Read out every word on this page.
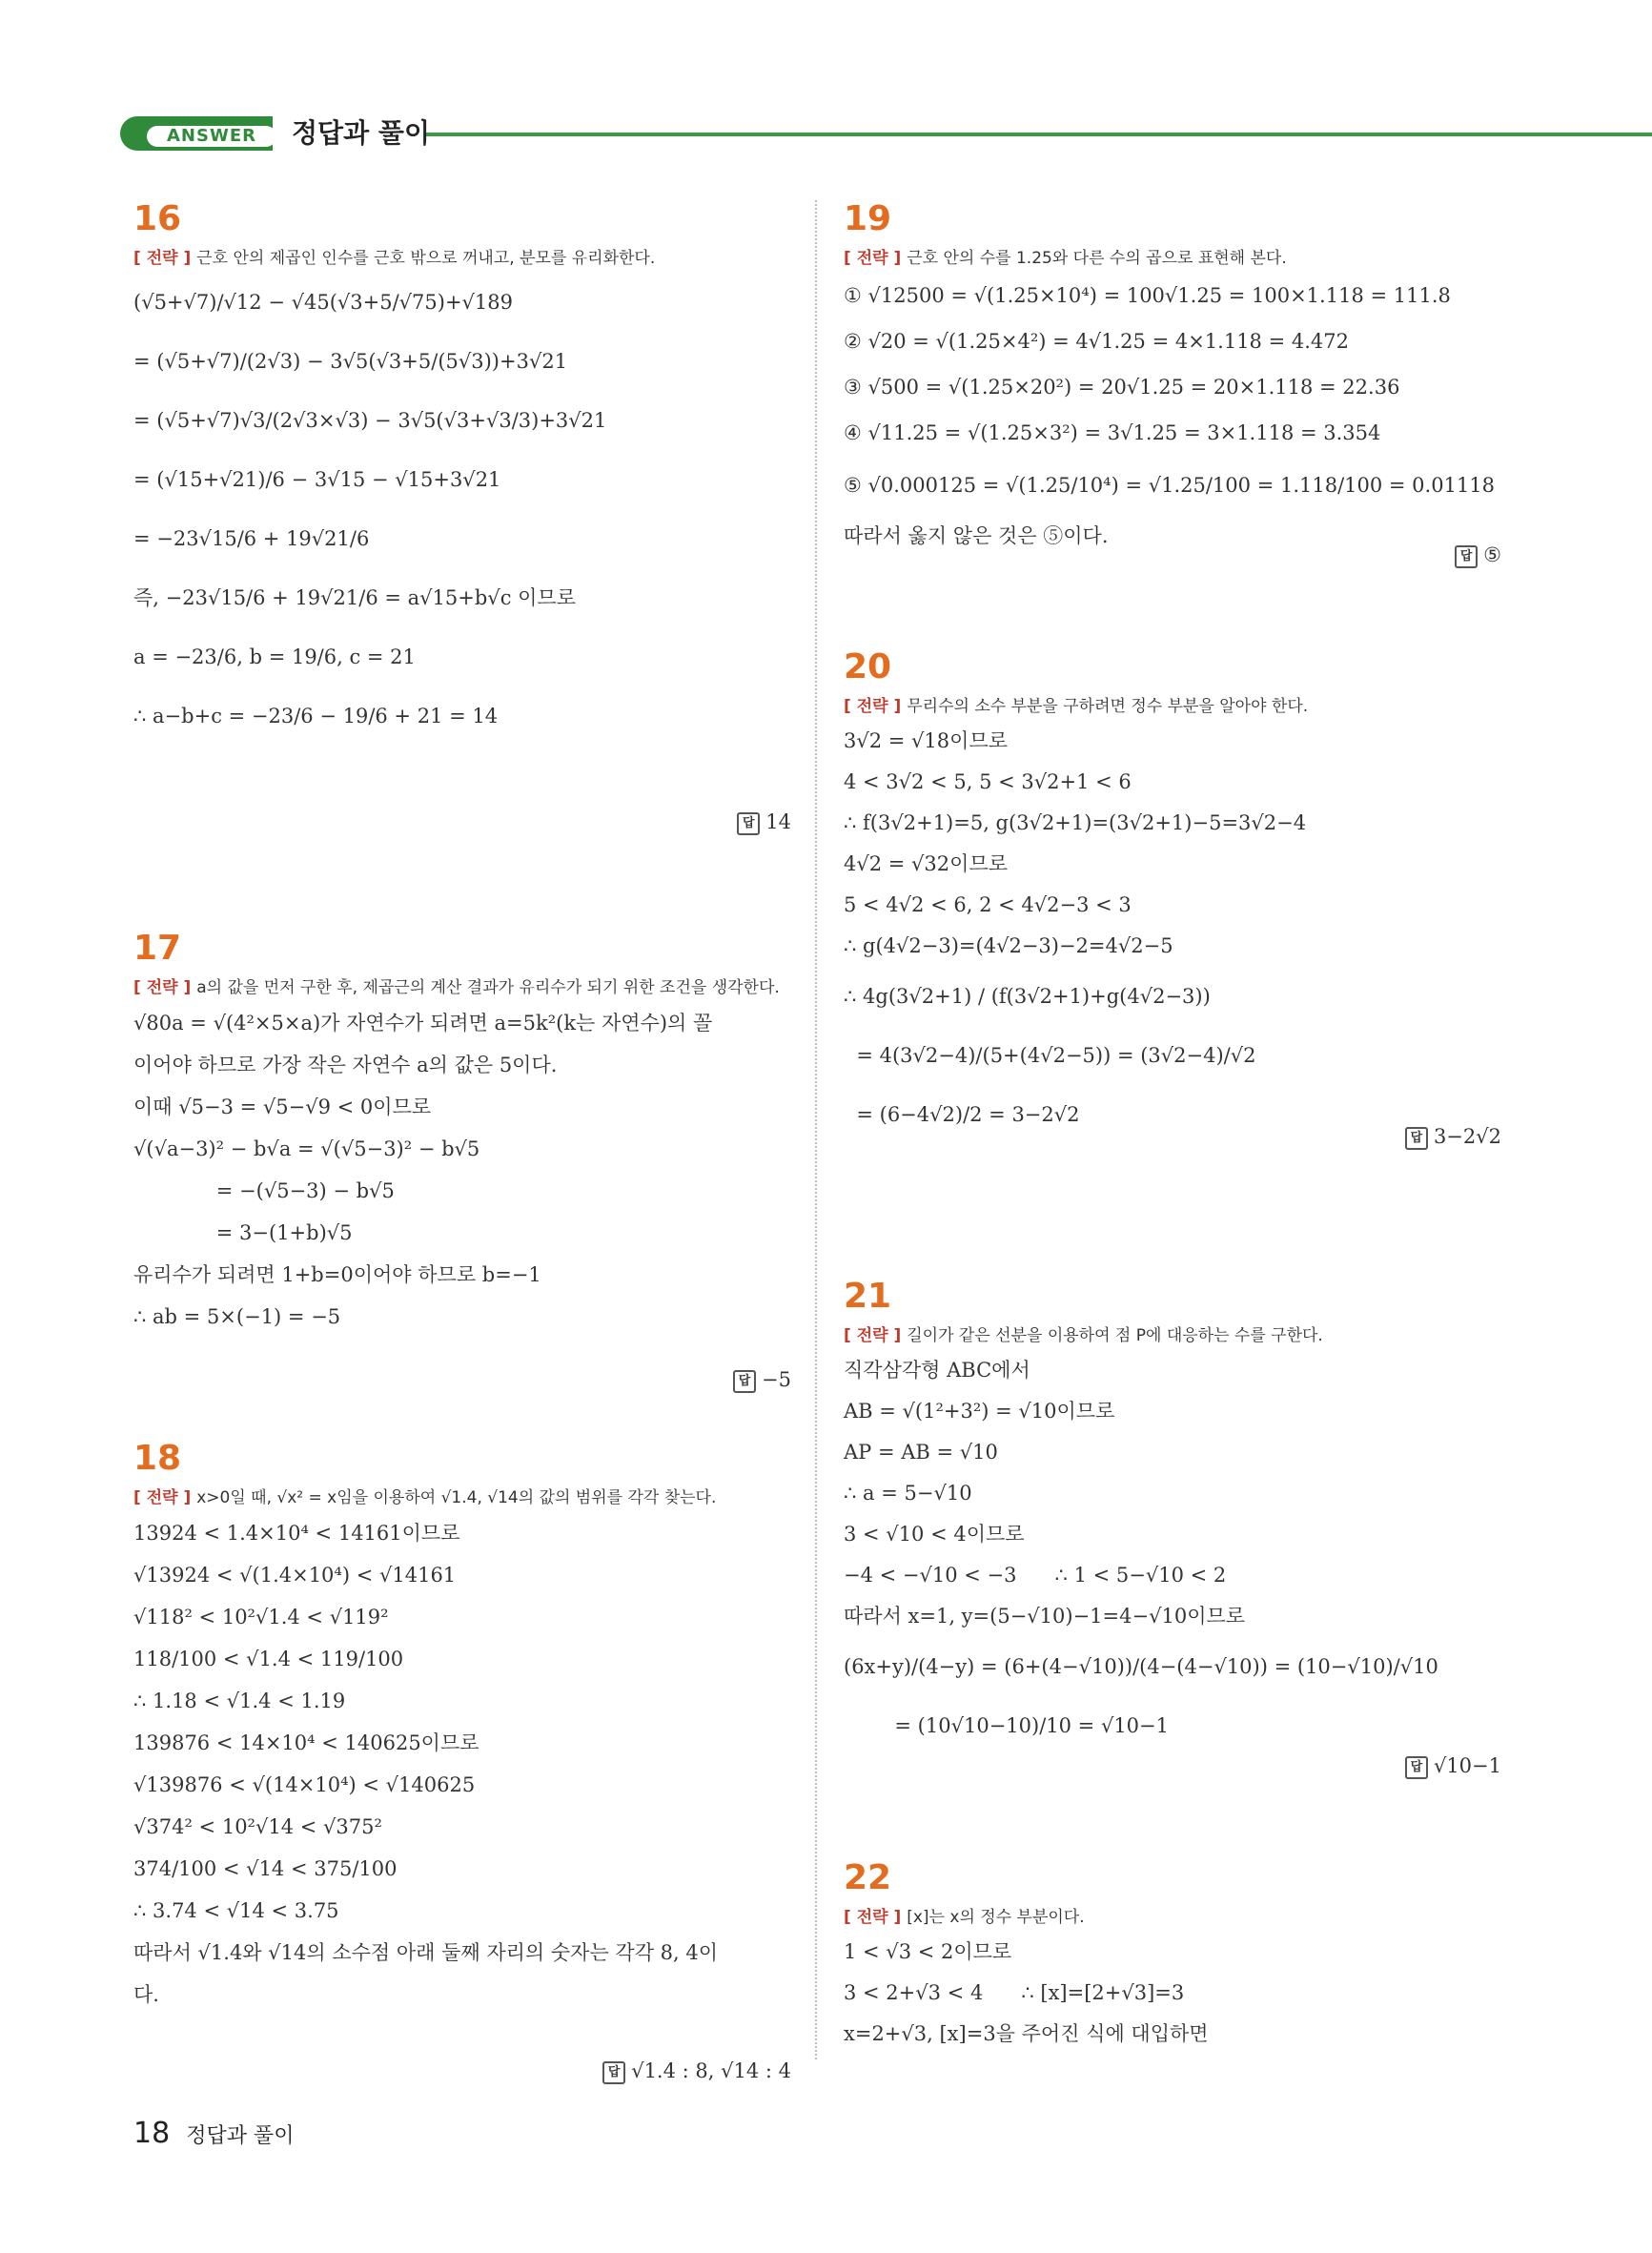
ANSWER	정답과 풀이
16
[ 전략 ] 근호 안의 제곱인 인수를 근호 밖으로 꺼내고, 분모를 유리화한다.
(√5+√7)/√12 − √45(√3+5/√75)+√189
= (√5+√7)/(2√3) − 3√5(√3+5/(5√3))+3√21
= (√5+√7)√3/(2√3×√3) − 3√5(√3+√3/3)+3√21
= (√15+√21)/6 − 3√15 − √15+3√21
= −23√15/6 + 19√21/6
즉, −23√15/6 + 19√21/6 = a√15+b√c 이므로
a = −23/6, b = 19/6, c = 21
∴ a−b+c = −23/6 − 19/6 + 21 = 14
답 14
17
[ 전략 ] a의 값을 먼저 구한 후, 제곱근의 계산 결과가 유리수가 되기 위한 조건을 생각한다.
√80a = √(4²×5×a)가 자연수가 되려면 a=5k²(k는 자연수)의 꼴
이어야 하므로 가장 작은 자연수 a의 값은 5이다.
이때 √5−3 = √5−√9 < 0이므로
√(√a−3)² − b√a = √(√5−3)² − b√5
= −(√5−3) − b√5
= 3−(1+b)√5
유리수가 되려면 1+b=0이어야 하므로 b=−1
∴ ab = 5×(−1) = −5
답 −5
18
[ 전략 ] x>0일 때, √x² = x임을 이용하여 √1.4, √14의 값의 범위를 각각 찾는다.
13924 < 1.4×10⁴ < 14161이므로
√13924 < √(1.4×10⁴) < √14161
√118² < 10²√1.4 < √119²
118/100 < √1.4 < 119/100
∴ 1.18 < √1.4 < 1.19
139876 < 14×10⁴ < 140625이므로
√139876 < √(14×10⁴) < √140625
√374² < 10²√14 < √375²
374/100 < √14 < 375/100
∴ 3.74 < √14 < 3.75
따라서 √1.4와 √14의 소수점 아래 둘째 자리의 숫자는 각각 8, 4이
다.
답 √1.4 : 8, √14 : 4
19
[ 전략 ] 근호 안의 수를 1.25와 다른 수의 곱으로 표현해 본다.
① √12500 = √(1.25×10⁴) = 100√1.25 = 100×1.118 = 111.8
② √20 = √(1.25×4²) = 4√1.25 = 4×1.118 = 4.472
③ √500 = √(1.25×20²) = 20√1.25 = 20×1.118 = 22.36
④ √11.25 = √(1.25×3²) = 3√1.25 = 3×1.118 = 3.354
⑤ √0.000125 = √(1.25/10⁴) = √1.25/100 = 1.118/100 = 0.01118
따라서 옳지 않은 것은 ⑤이다.
답 ⑤
20
[ 전략 ] 무리수의 소수 부분을 구하려면 정수 부분을 알아야 한다.
3√2 = √18이므로
4 < 3√2 < 5, 5 < 3√2+1 < 6
∴ f(3√2+1)=5, g(3√2+1)=(3√2+1)−5=3√2−4
4√2 = √32이므로
5 < 4√2 < 6, 2 < 4√2−3 < 3
∴ g(4√2−3)=(4√2−3)−2=4√2−5
∴ 4g(3√2+1) / (f(3√2+1)+g(4√2−3))
= 4(3√2−4)/(5+(4√2−5)) = (3√2−4)/√2
= (6−4√2)/2 = 3−2√2
답 3−2√2
21
[ 전략 ] 길이가 같은 선분을 이용하여 점 P에 대응하는 수를 구한다.
직각삼각형 ABC에서
AB = √(1²+3²) = √10이므로
AP = AB = √10
∴ a = 5−√10
3 < √10 < 4이므로
−4 < −√10 < −3      ∴ 1 < 5−√10 < 2
따라서 x=1, y=(5−√10)−1=4−√10이므로
(6x+y)/(4−y) = (6+(4−√10))/(4−(4−√10)) = (10−√10)/√10
= (10√10−10)/10 = √10−1
답 √10−1
22
[ 전략 ] [x]는 x의 정수 부분이다.
1 < √3 < 2이므로
3 < 2+√3 < 4      ∴ [x]=[2+√3]=3
x=2+√3, [x]=3을 주어진 식에 대입하면
18 정답과 풀이
